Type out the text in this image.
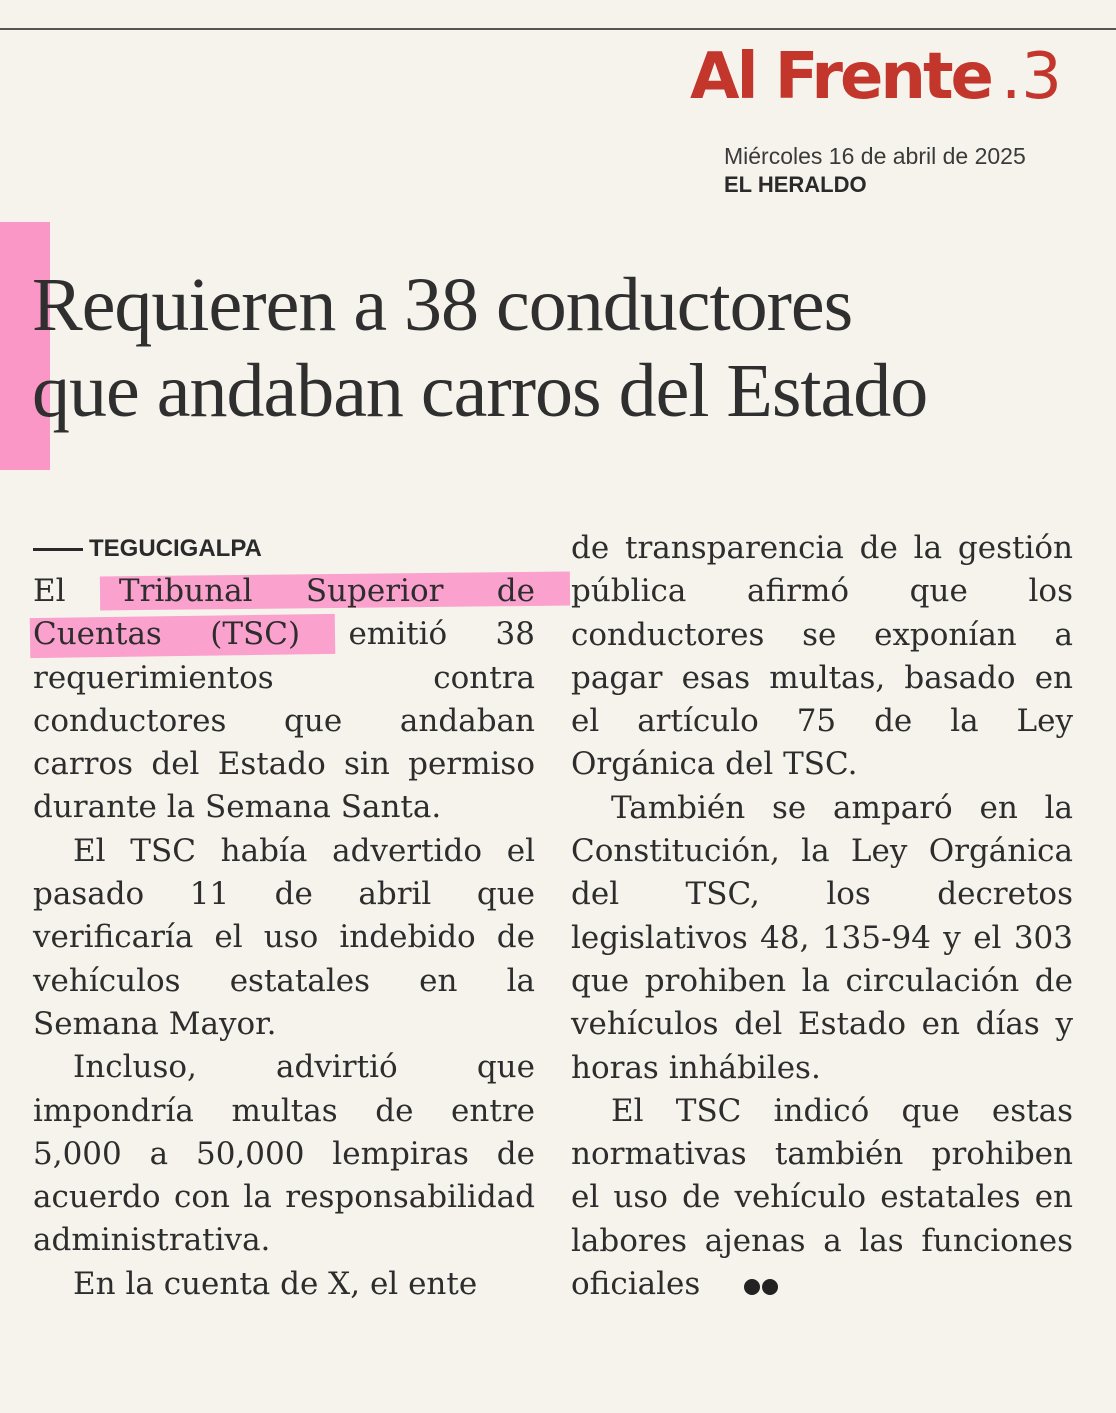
Al Frente .3
Miércoles 16 de abril de 2025
EL HERALDO
Requieren a 38 conductores
que andaban carros del Estado
TEGUCIGALPA

El Tribunal Superior de Cuentas (TSC) emitió 38 requerimientos contra conductores que andaban carros del Estado sin permiso durante la Semana Santa.

El TSC había advertido el pasado 11 de abril que verificaría el uso indebido de vehículos estatales en la Semana Mayor.

Incluso, advirtió que impondría multas de entre 5,000 a 50,000 lempiras de acuerdo con la responsabilidad administrativa.

En la cuenta de X, el ente

de transparencia de la gestión pública afirmó que los conductores se exponían a pagar esas multas, basado en el artículo 75 de la Ley Orgánica del TSC.

También se amparó en la Constitución, la Ley Orgánica del TSC, los decretos legislativos 48, 135-94 y el 303 que prohiben la circulación de vehículos del Estado en días y horas inhábiles.

El TSC indicó que estas normativas también prohiben el uso de vehículo estatales en labores ajenas a las funciones oficiales
